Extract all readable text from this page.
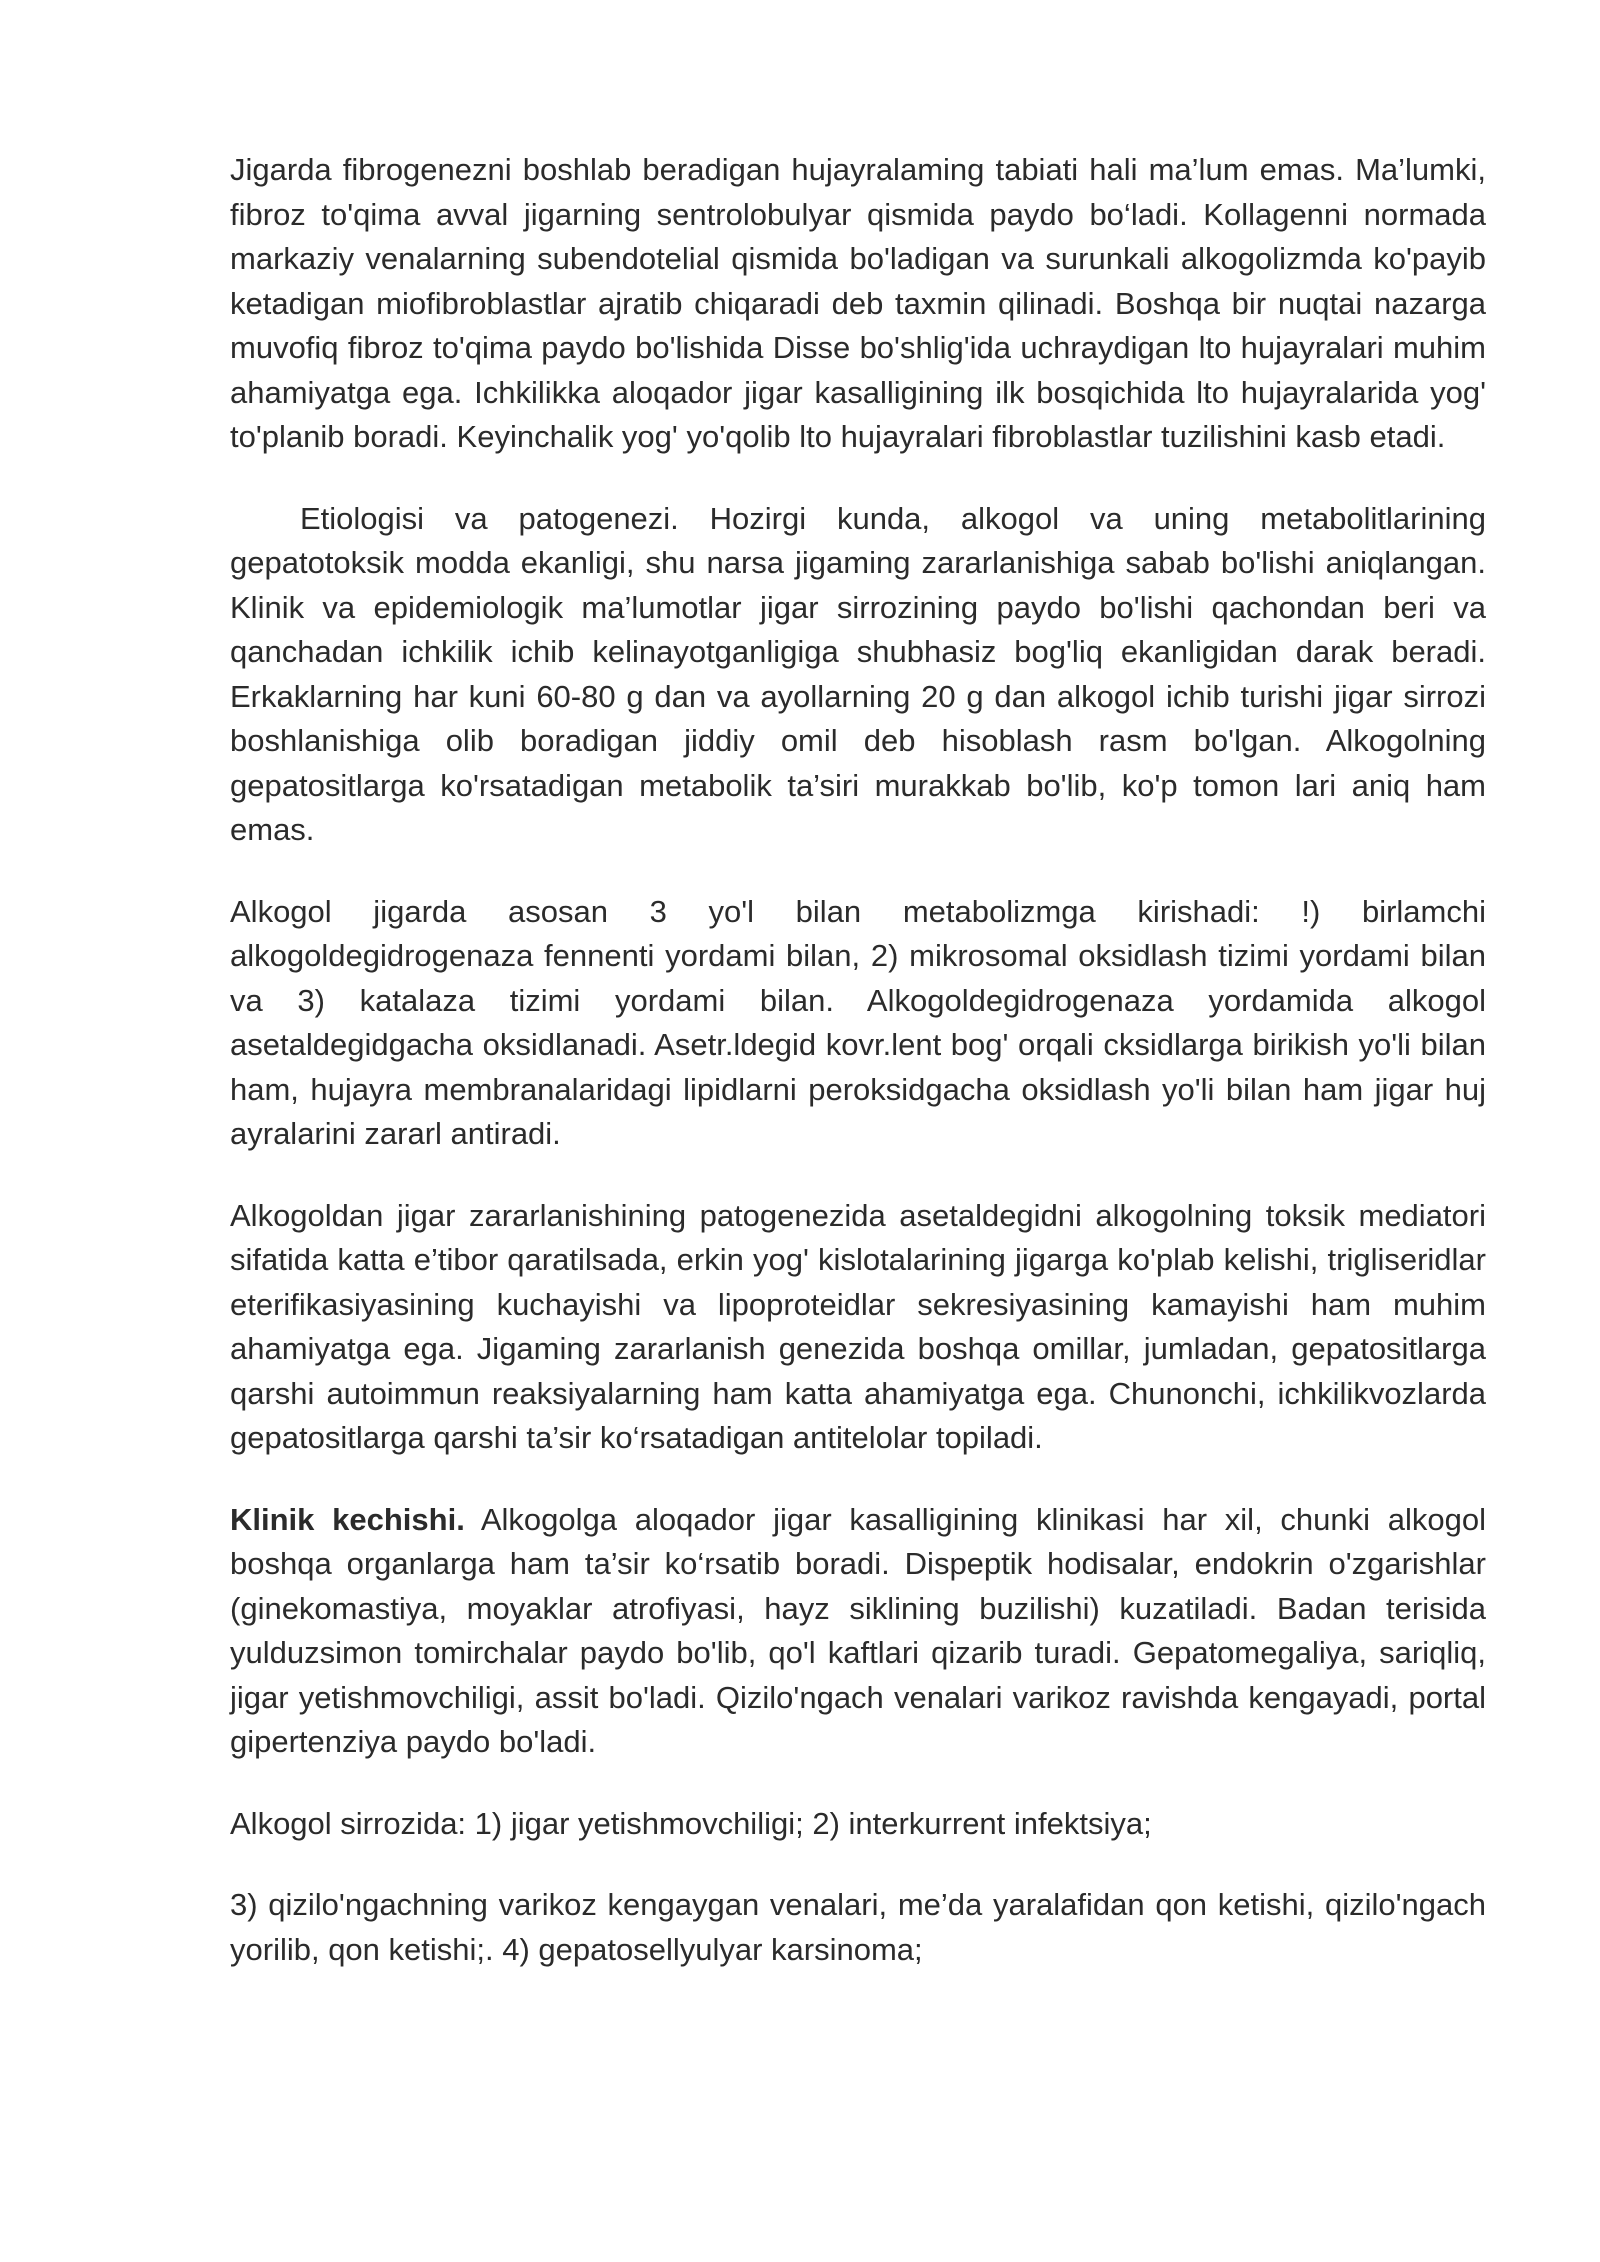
Jigarda fibrogenezni boshlab beradigan hujayralaming tabiati hali ma’lum emas. Ma’lumki, fibroz to'qima avval jigarning sentrolobulyar qismida paydo bo‘ladi. Kollagenni normada markaziy venalarning subendotelial qismida bo'ladigan va surunkali alkogolizmda ko'payib ketadigan miofibroblastlar ajratib chiqaradi deb taxmin qilinadi. Boshqa bir nuqtai nazarga muvofiq fibroz to'qima paydo bo'lishida Disse bo'shlig'ida uchraydigan lto hujayralari muhim ahamiyatga ega. Ichkilikka aloqador jigar kasalligining ilk bosqichida lto hujayralarida yog' to'planib boradi. Keyinchalik yog' yo'qolib lto hujayralari fibroblastlar tuzilishini kasb etadi.

Etiologisi va patogenezi. Hozirgi kunda, alkogol va uning metabolitlarining gepatotoksik modda ekanligi, shu narsa jigaming zararlanishiga sabab bo'lishi aniqlangan. Klinik va epidemiologik ma’lumotlar jigar sirrozining paydo bo'lishi qachondan beri va qanchadan ichkilik ichib kelinayotganligiga shubhasiz bog'liq ekanligidan darak beradi. Erkaklarning har kuni 60-80 g dan va ayollarning 20 g dan alkogol ichib turishi jigar sirrozi boshlanishiga olib boradigan jiddiy omil deb hisoblash rasm bo'lgan. Alkogolning gepatositlarga ko'rsatadigan metabolik ta’siri murakkab bo'lib, ko'p tomon lari aniq ham emas.

Alkogol jigarda asosan 3 yo'l bilan metabolizmga kirishadi: !) birlamchi alkogoldegidrogenaza fennenti yordami bilan, 2) mikrosomal oksidlash tizimi yordami bilan va 3) katalaza tizimi yordami bilan. Alkogoldegidrogenaza yordamida alkogol asetaldegidgacha oksidlanadi. Asetr.ldegid kovr.lent bog' orqali cksidlarga birikish yo'li bilan ham, hujayra membranalaridagi lipidlarni peroksidgacha oksidlash yo'li bilan ham jigar huj ayralarini zararl antiradi.

Alkogoldan jigar zararlanishining patogenezida asetaldegidni alkogolning toksik mediatori sifatida katta e’tibor qaratilsada, erkin yog' kislotalarining jigarga ko'plab kelishi, trigliseridlar eterifikasiyasining kuchayishi va lipoproteidlar sekresiyasining kamayishi ham muhim ahamiyatga ega. Jigaming zararlanish genezida boshqa omillar, jumladan, gepatositlarga qarshi autoimmun reaksiyalarning ham katta ahamiyatga ega. Chunonchi, ichkilikvozlarda gepatositlarga qarshi ta’sir ko‘rsatadigan antitelolar topiladi.

Klinik kechishi. Alkogolga aloqador jigar kasalligining klinikasi har xil, chunki alkogol boshqa organlarga ham ta’sir ko‘rsatib boradi. Dispeptik hodisalar, endokrin o'zgarishlar (ginekomastiya, moyaklar atrofiyasi, hayz siklining buzilishi) kuzatiladi. Badan terisida yulduzsimon tomirchalar paydo bo'lib, qo'l kaftlari qizarib turadi. Gepatomegaliya, sariqliq, jigar yetishmovchiligi, assit bo'ladi. Qizilo'ngach venalari varikoz ravishda kengayadi, portal gipertenziya paydo bo'ladi.

Alkogol sirrozida: 1) jigar yetishmovchiligi; 2) interkurrent infektsiya;

3) qizilo'ngachning varikoz kengaygan venalari, me’da yaralafidan qon ketishi, qizilo'ngach yorilib, qon ketishi;. 4) gepatosellyulyar karsinoma;
